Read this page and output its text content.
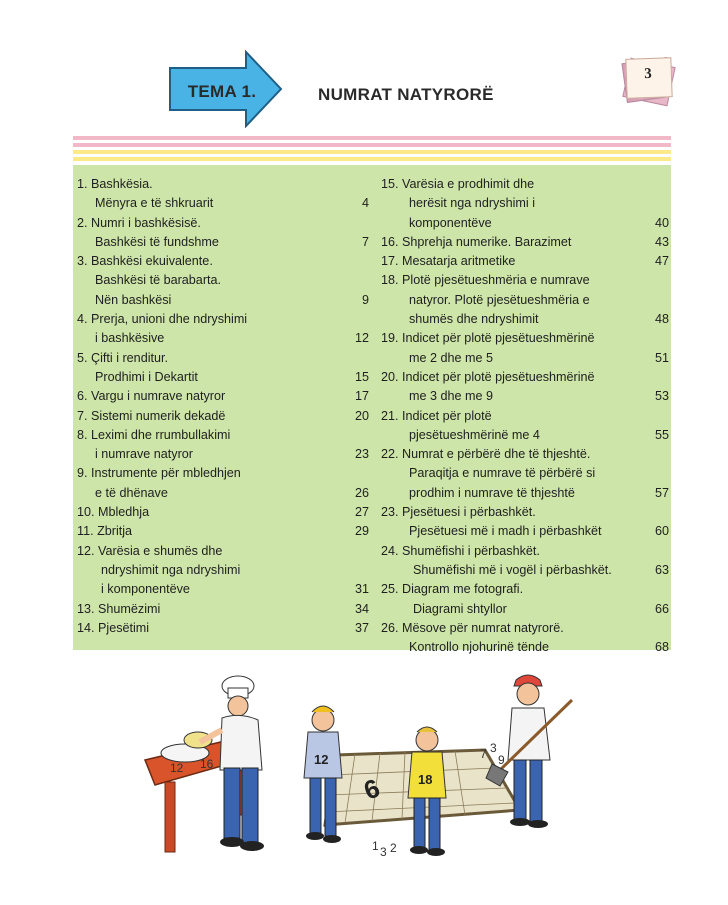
TEMA 1.	NUMRAT NATYRORË
3
1. Bashkësia.
Mënyra e të shkruarit	4
2. Numri i bashkësisë.
Bashkësi të fundshme	7
3. Bashkësi ekuivalente.
Bashkësi të barabarta.
Nën bashkësi	9
4. Prerja, unioni dhe ndryshimi
i bashkësive	12
5. Çifti i renditur.
Prodhimi i Dekartit	15
6. Vargu i numrave natyror	17
7. Sistemi numerik dekadë	20
8. Leximi dhe rrumbullakimi
i numrave natyror	23
9. Instrumente për mbledhjen
e të dhënave	26
10. Mbledhja	27
11. Zbritja	29
12. Varësia e shumës dhe
ndryshimit nga ndryshimi
i komponentëve	31
13. Shumëzimi	34
14. Pjesëtimi	37
15. Varësia e prodhimit dhe
herësit nga ndryshimi i
komponentëve	40
16. Shprehja numerike. Barazimet	43
17. Mesatarja aritmetike	47
18. Plotë pjesëtueshmëria e numrave
natyror. Plotë pjesëtueshmëria e
shumës dhe ndryshimit	48
19. Indicet për plotë pjesëtueshmërinë
me 2 dhe me 5	51
20. Indicet për plotë pjesëtueshmërinë
me 3 dhe me 9	53
21. Indicet për plotë
pjesëtueshmërinë me 4	55
22. Numrat e përbërë dhe të thjeshtë.
Paraqitja e numrave të përbërë si
prodhim i numrave të thjeshtë	57
23. Pjesëtuesi i përbashkët.
Pjesëtuesi më i madh i përbashkët	60
24. Shumëfishi i përbashkët.
Shumëfishi më i vogël i përbashkët.	63
25. Diagram me fotografi.
Diagrami shtyllor	66
26. Mësove për numrat natyrorë.
Kontrollo njohurinë tënde	68
6
12
18
7 3
9
1 3 2
12 16
